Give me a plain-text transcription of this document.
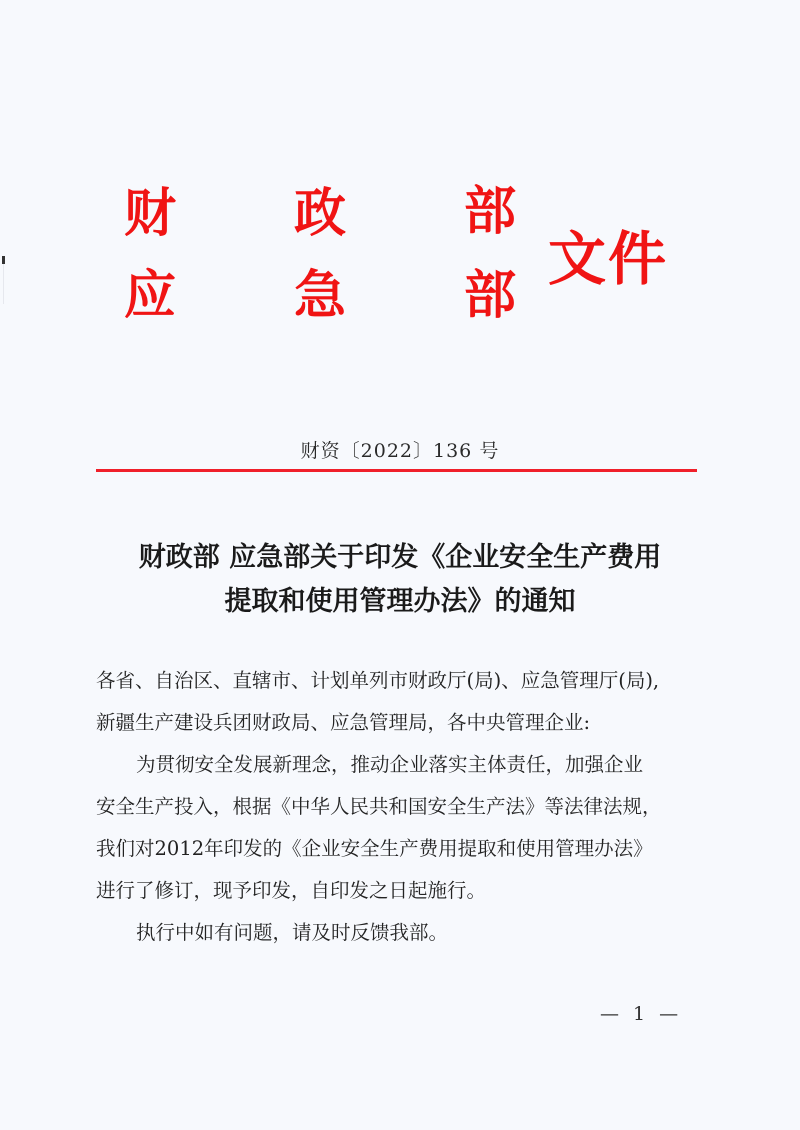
财 政 部
应 急 部
文件
财资〔2022〕136 号
财政部 应急部关于印发《企业安全生产费用
提取和使用管理办法》的通知

各省、自治区、直辖市、计划单列市财政厅(局)、应急管理厅(局),

新疆生产建设兵团财政局、应急管理局，各中央管理企业:

为贯彻安全发展新理念，推动企业落实主体责任，加强企业

安全生产投入，根据《中华人民共和国安全生产法》等法律法规，

我们对2012年印发的《企业安全生产费用提取和使用管理办法》

进行了修订，现予印发，自印发之日起施行。

执行中如有问题，请及时反馈我部。

— 1 —
